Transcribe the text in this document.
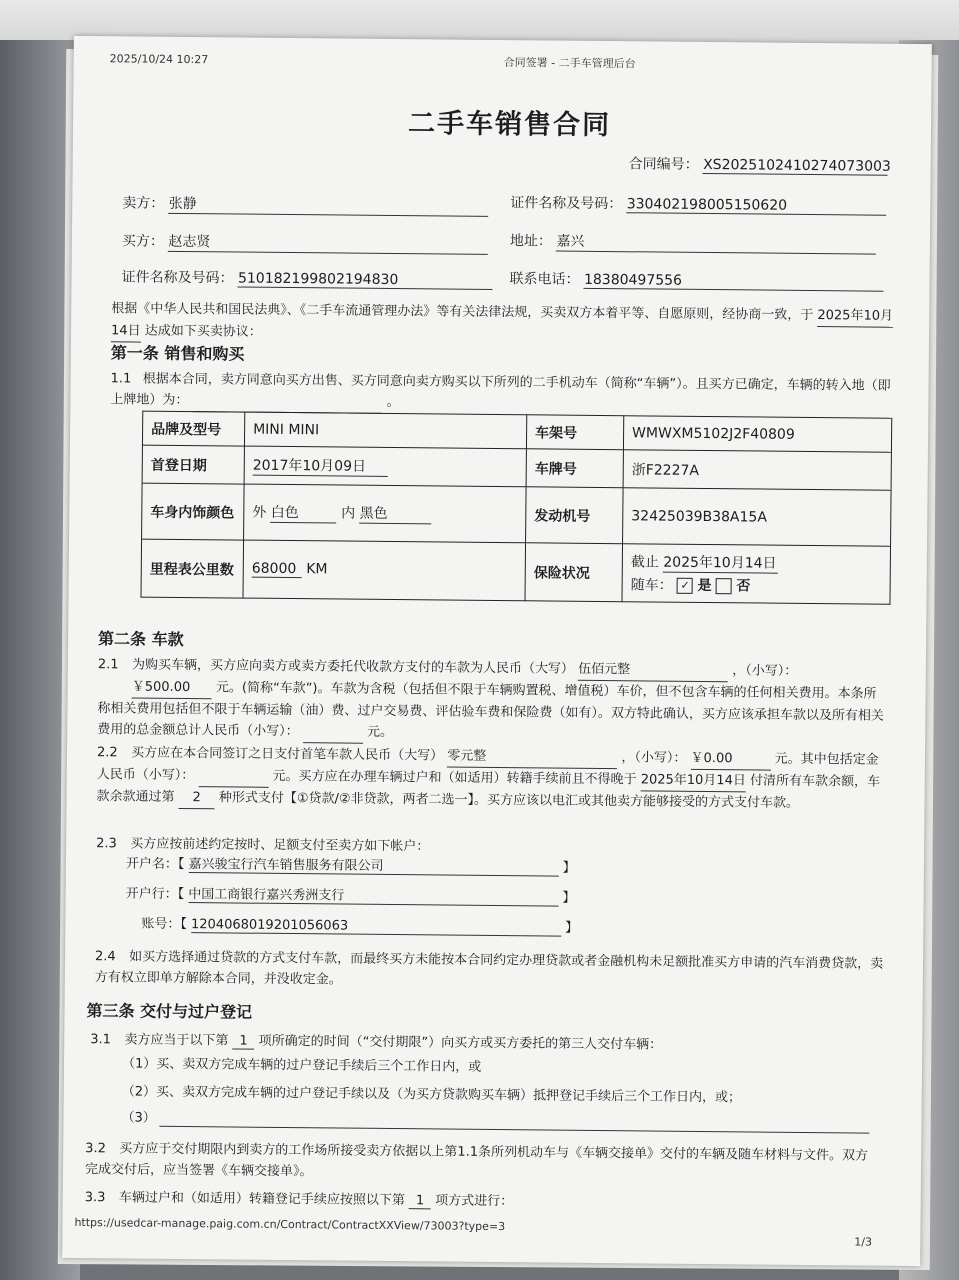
2025/10/24 10:27	合同签署 - 二手车管理后台
二手车销售合同
合同编号： XS2025102410274073003
卖方： 张静	证件名称及号码： 330402198005150620
买方： 赵志贤	地址： 嘉兴
证件名称及号码： 510182199802194830	联系电话： 18380497556
根据《中华人民共和国民法典》、《二手车流通管理办法》等有关法律法规，买卖双方本着平等、自愿原则，经协商一致，于 2025年10月
14日 达成如下买卖协议：
第一条 销售和购买
1.1 根据本合同，卖方同意向买方出售、买方同意向卖方购买以下所列的二手机动车（简称“车辆”）。且买方已确定，车辆的转入地（即上牌地）为：	。
品牌及型号	MINI MINI	车架号	WMWXM5102J2F40809
首登日期	2017年10月09日	车牌号	浙F2227A
车身内饰颜色	外 白色 内 黑色	发动机号	32425039B38A15A
里程表公里数	68000 KM	保险状况	截止 2025年10月14日
随车： ✓ 是 否
第二条 车款
2.1 为购买车辆，买方应向卖方或卖方委托代收款方支付的车款为人民币（大写） 伍佰元整	，（小写）：
￥500.00 元。(简称“车款”)。车款为含税（包括但不限于车辆购置税、增值税）车价，但不包含车辆的任何相关费用。本条所称相关费用包括但不限于车辆运输（油）费、过户交易费、评估验车费和保险费（如有）。双方特此确认，买方应该承担车款以及所有相关费用的总金额总计人民币（小写）：	元。
2.2 买方应在本合同签订之日支付首笔车款人民币（大写） 零元整	，（小写）： ￥0.00	元。其中包括定金人民币（小写）：	元。买方应在办理车辆过户和（如适用）转籍手续前且不得晚于 2025年10月14日 付清所有车款余额，车款余款通过第 2 种形式支付【①贷款/②非贷款，两者二选一】。买方应该以电汇或其他卖方能够接受的方式支付车款。
2.3 买方应按前述约定按时、足额支付至卖方如下帐户：
开户名：【 嘉兴骏宝行汽车销售服务有限公司	】
开户行：【 中国工商银行嘉兴秀洲支行	】
账号：【 1204068019201056063	】
2.4 如买方选择通过贷款的方式支付车款，而最终买方未能按本合同约定办理贷款或者金融机构未足额批准买方申请的汽车消费贷款，卖方有权立即单方解除本合同，并没收定金。
第三条 交付与过户登记
3.1 卖方应当于以下第 1 项所确定的时间（“交付期限”）向买方或买方委托的第三人交付车辆：
（1）买、卖双方完成车辆的过户登记手续后三个工作日内，或
（2）买、卖双方完成车辆的过户登记手续以及（为买方贷款购买车辆）抵押登记手续后三个工作日内，或；
（3）
3.2 买方应于交付期限内到卖方的工作场所接受卖方依据以上第1.1条所列机动车与《车辆交接单》交付的车辆及随车材料与文件。双方完成交付后，应当签署《车辆交接单》。
3.3 车辆过户和（如适用）转籍登记手续应按照以下第 1 项方式进行：
https://usedcar-manage.paig.com.cn/Contract/ContractXXView/73003?type=3
1/3
